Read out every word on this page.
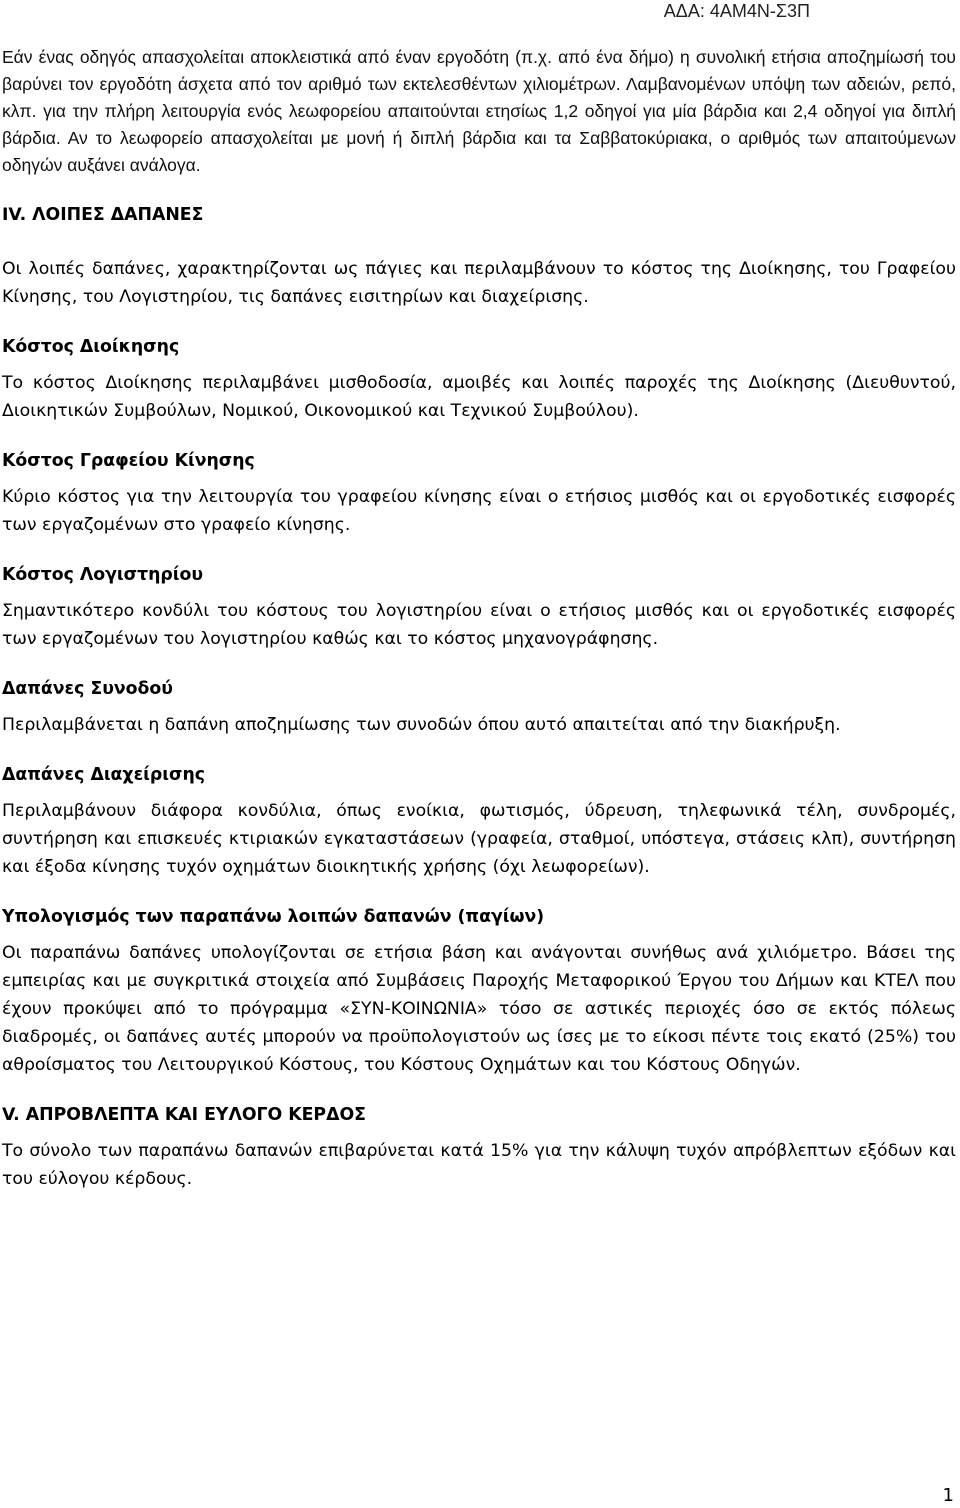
ΑΔΑ: 4ΑΜ4Ν-Σ3Π

Εάν ένας οδηγός απασχολείται αποκλειστικά από έναν εργοδότη (π.χ. από ένα δήμο) η συνολική ετήσια αποζημίωσή του βαρύνει τον εργοδότη άσχετα από τον αριθμό των εκτελεσθέντων χιλιομέτρων. Λαμβανομένων υπόψη των αδειών, ρεπό, κλπ. για την πλήρη λειτουργία ενός λεωφορείου απαιτούνται ετησίως 1,2 οδηγοί για μία βάρδια και 2,4 οδηγοί για διπλή βάρδια. Αν το λεωφορείο απασχολείται με μονή ή διπλή βάρδια και τα Σαββατοκύριακα, ο αριθμός των απαιτούμενων οδηγών αυξάνει ανάλογα.

IV. ΛΟΙΠΕΣ ΔΑΠΑΝΕΣ

Οι λοιπές δαπάνες, χαρακτηρίζονται ως πάγιες και περιλαμβάνουν το κόστος της Διοίκησης, του Γραφείου Κίνησης, του Λογιστηρίου, τις δαπάνες εισιτηρίων και διαχείρισης.

Κόστος Διοίκησης

Το κόστος Διοίκησης περιλαμβάνει μισθοδοσία, αμοιβές και λοιπές παροχές της Διοίκησης (Διευθυντού, Διοικητικών Συμβούλων, Νομικού, Οικονομικού και Τεχνικού Συμβούλου).

Κόστος Γραφείου Κίνησης

Κύριο κόστος για την λειτουργία του γραφείου κίνησης είναι ο ετήσιος μισθός και οι εργοδοτικές εισφορές των εργαζομένων στο γραφείο κίνησης.

Κόστος Λογιστηρίου

Σημαντικότερο κονδύλι του κόστους του λογιστηρίου είναι ο ετήσιος μισθός και οι εργοδοτικές εισφορές των εργαζομένων του λογιστηρίου καθώς και το κόστος μηχανογράφησης.

Δαπάνες Συνοδού

Περιλαμβάνεται η δαπάνη αποζημίωσης των συνοδών όπου αυτό απαιτείται από την διακήρυξη.

Δαπάνες Διαχείρισης

Περιλαμβάνουν διάφορα κονδύλια, όπως ενοίκια, φωτισμός, ύδρευση, τηλεφωνικά τέλη, συνδρομές, συντήρηση και επισκευές κτιριακών εγκαταστάσεων (γραφεία, σταθμοί, υπόστεγα, στάσεις κλπ), συντήρηση και έξοδα κίνησης τυχόν οχημάτων διοικητικής χρήσης (όχι λεωφορείων).

Υπολογισμός των παραπάνω λοιπών δαπανών (παγίων)

Οι παραπάνω δαπάνες υπολογίζονται σε ετήσια βάση και ανάγονται συνήθως ανά χιλιόμετρο. Βάσει της εμπειρίας και με συγκριτικά στοιχεία από Συμβάσεις Παροχής Μεταφορικού Έργου του Δήμων και ΚΤΕΛ που έχουν προκύψει από το πρόγραμμα «ΣΥΝ-ΚΟΙΝΩΝΙΑ» τόσο σε αστικές περιοχές όσο σε εκτός πόλεως διαδρομές, οι δαπάνες αυτές μπορούν να προϋπολογιστούν ως ίσες με το είκοσι πέντε τοις εκατό (25%) του αθροίσματος του Λειτουργικού Κόστους, του Κόστους Οχημάτων και του Κόστους Οδηγών.

V. ΑΠΡΟΒΛΕΠΤΑ ΚΑΙ ΕΥΛΟΓΟ ΚΕΡΔΟΣ

Το σύνολο των παραπάνω δαπανών επιβαρύνεται κατά 15% για την κάλυψη τυχόν απρόβλεπτων εξόδων και του εύλογου κέρδους.

1
